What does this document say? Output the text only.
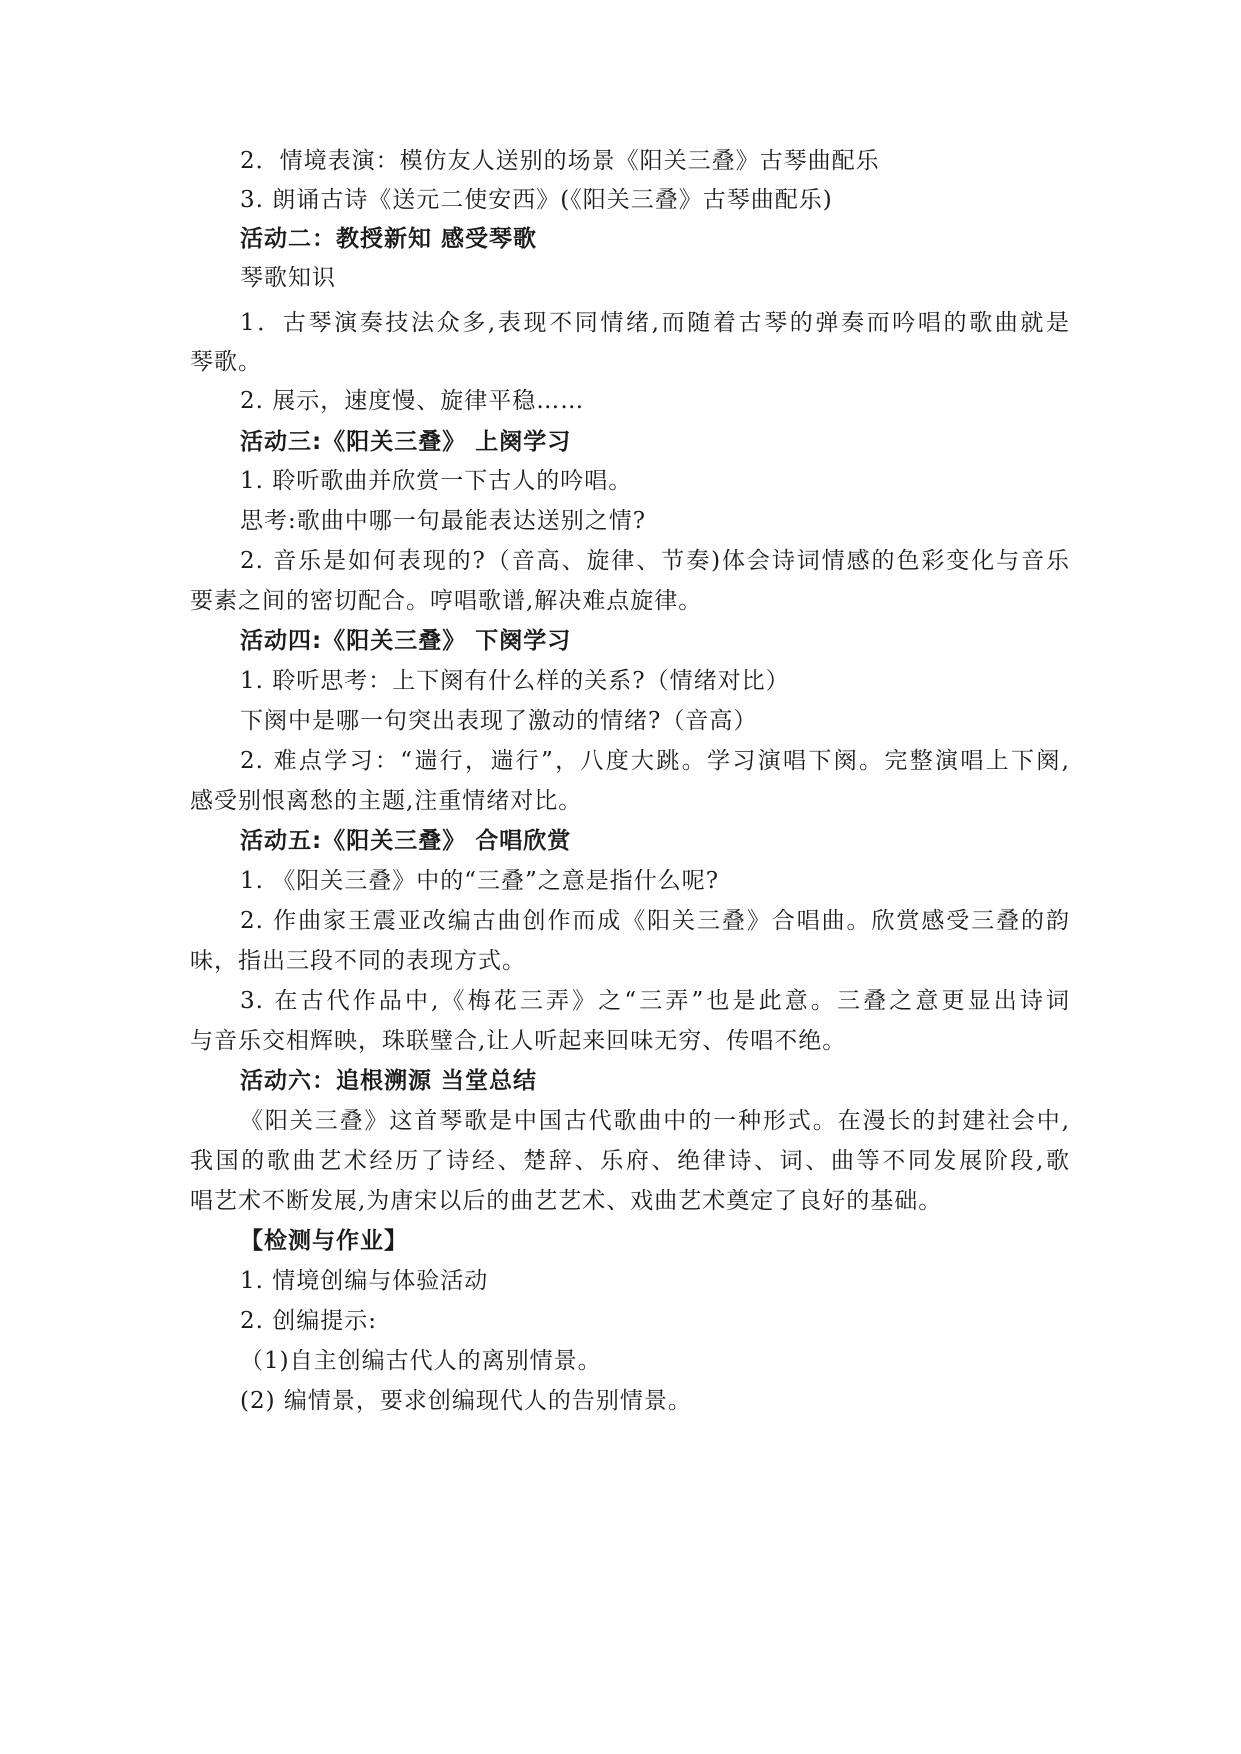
2．情境表演：模仿友人送别的场景《阳关三叠》古琴曲配乐
3. 朗诵古诗《送元二使安西》(《阳关三叠》古琴曲配乐)
活动二：教授新知 感受琴歌
琴歌知识
1．古琴演奏技法众多,表现不同情绪,而随着古琴的弹奏而吟唱的歌曲就是
琴歌。
2. 展示，速度慢、旋律平稳……
活动三:《阳关三叠》 上阕学习
1. 聆听歌曲并欣赏一下古人的吟唱。
思考:歌曲中哪一句最能表达送别之情?
2. 音乐是如何表现的?（音高、旋律、节奏)体会诗词情感的色彩变化与音乐
要素之间的密切配合。哼唱歌谱,解决难点旋律。
活动四:《阳关三叠》 下阕学习
1. 聆听思考：上下阕有什么样的关系?（情绪对比）
下阕中是哪一句突出表现了激动的情绪?（音高）
2. 难点学习：“遄行，遄行”，八度大跳。学习演唱下阕。完整演唱上下阕,
感受别恨离愁的主题,注重情绪对比。
活动五:《阳关三叠》 合唱欣赏
1. 《阳关三叠》中的“三叠”之意是指什么呢?
2. 作曲家王震亚改编古曲创作而成《阳关三叠》合唱曲。欣赏感受三叠的韵
味，指出三段不同的表现方式。
3. 在古代作品中,《梅花三弄》之“三弄”也是此意。三叠之意更显出诗词
与音乐交相辉映，珠联璧合,让人听起来回味无穷、传唱不绝。
活动六：追根溯源 当堂总结
《阳关三叠》这首琴歌是中国古代歌曲中的一种形式。在漫长的封建社会中,
我国的歌曲艺术经历了诗经、楚辞、乐府、绝律诗、词、曲等不同发展阶段,歌
唱艺术不断发展,为唐宋以后的曲艺艺术、戏曲艺术奠定了良好的基础。
【检测与作业】
1. 情境创编与体验活动
2. 创编提示:
（1)自主创编古代人的离别情景。
(2) 编情景，要求创编现代人的告别情景。
